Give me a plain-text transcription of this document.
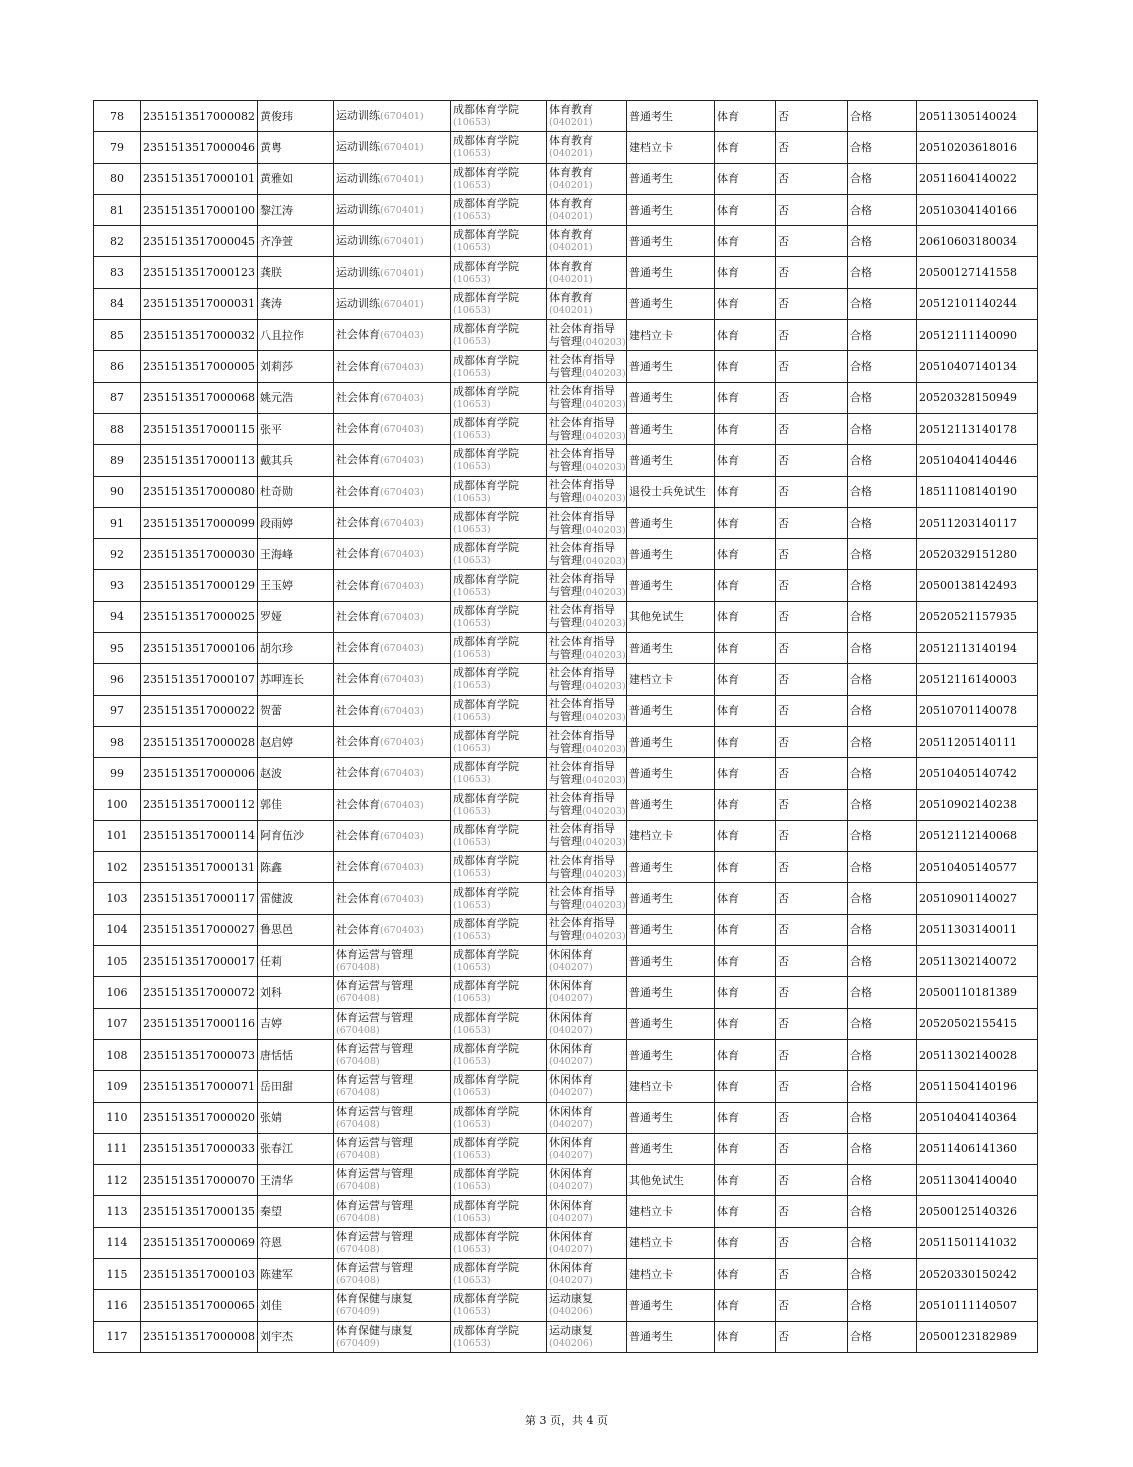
78	2351513517000082	黄俊玮	运动训练(670401)	成都体育学院
(10653)	体育教育
(040201)	普通考生	体育	否	合格	20511305140024
79	2351513517000046	黄粤	运动训练(670401)	成都体育学院
(10653)	体育教育
(040201)	建档立卡	体育	否	合格	20510203618016
80	2351513517000101	黄雅如	运动训练(670401)	成都体育学院
(10653)	体育教育
(040201)	普通考生	体育	否	合格	20511604140022
81	2351513517000100	黎江涛	运动训练(670401)	成都体育学院
(10653)	体育教育
(040201)	普通考生	体育	否	合格	20510304140166
82	2351513517000045	齐净萱	运动训练(670401)	成都体育学院
(10653)	体育教育
(040201)	普通考生	体育	否	合格	20610603180034
83	2351513517000123	龚朕	运动训练(670401)	成都体育学院
(10653)	体育教育
(040201)	普通考生	体育	否	合格	20500127141558
84	2351513517000031	龚涛	运动训练(670401)	成都体育学院
(10653)	体育教育
(040201)	普通考生	体育	否	合格	20512101140244
85	2351513517000032	八且拉作	社会体育(670403)	成都体育学院
(10653)	社会体育指导
与管理(040203)	建档立卡	体育	否	合格	20512111140090
86	2351513517000005	刘莉莎	社会体育(670403)	成都体育学院
(10653)	社会体育指导
与管理(040203)	普通考生	体育	否	合格	20510407140134
87	2351513517000068	姚元浩	社会体育(670403)	成都体育学院
(10653)	社会体育指导
与管理(040203)	普通考生	体育	否	合格	20520328150949
88	2351513517000115	张平	社会体育(670403)	成都体育学院
(10653)	社会体育指导
与管理(040203)	普通考生	体育	否	合格	20512113140178
89	2351513517000113	戴其兵	社会体育(670403)	成都体育学院
(10653)	社会体育指导
与管理(040203)	普通考生	体育	否	合格	20510404140446
90	2351513517000080	杜奇勋	社会体育(670403)	成都体育学院
(10653)	社会体育指导
与管理(040203)	退役士兵免试生	体育	否	合格	18511108140190
91	2351513517000099	段雨婷	社会体育(670403)	成都体育学院
(10653)	社会体育指导
与管理(040203)	普通考生	体育	否	合格	20511203140117
92	2351513517000030	王海峰	社会体育(670403)	成都体育学院
(10653)	社会体育指导
与管理(040203)	普通考生	体育	否	合格	20520329151280
93	2351513517000129	王玉婷	社会体育(670403)	成都体育学院
(10653)	社会体育指导
与管理(040203)	普通考生	体育	否	合格	20500138142493
94	2351513517000025	罗娅	社会体育(670403)	成都体育学院
(10653)	社会体育指导
与管理(040203)	其他免试生	体育	否	合格	20520521157935
95	2351513517000106	胡尔珍	社会体育(670403)	成都体育学院
(10653)	社会体育指导
与管理(040203)	普通考生	体育	否	合格	20512113140194
96	2351513517000107	苏呷连长	社会体育(670403)	成都体育学院
(10653)	社会体育指导
与管理(040203)	建档立卡	体育	否	合格	20512116140003
97	2351513517000022	贺蕾	社会体育(670403)	成都体育学院
(10653)	社会体育指导
与管理(040203)	普通考生	体育	否	合格	20510701140078
98	2351513517000028	赵启婷	社会体育(670403)	成都体育学院
(10653)	社会体育指导
与管理(040203)	普通考生	体育	否	合格	20511205140111
99	2351513517000006	赵波	社会体育(670403)	成都体育学院
(10653)	社会体育指导
与管理(040203)	普通考生	体育	否	合格	20510405140742
100	2351513517000112	郭佳	社会体育(670403)	成都体育学院
(10653)	社会体育指导
与管理(040203)	普通考生	体育	否	合格	20510902140238
101	2351513517000114	阿育伍沙	社会体育(670403)	成都体育学院
(10653)	社会体育指导
与管理(040203)	建档立卡	体育	否	合格	20512112140068
102	2351513517000131	陈鑫	社会体育(670403)	成都体育学院
(10653)	社会体育指导
与管理(040203)	普通考生	体育	否	合格	20510405140577
103	2351513517000117	雷健波	社会体育(670403)	成都体育学院
(10653)	社会体育指导
与管理(040203)	普通考生	体育	否	合格	20510901140027
104	2351513517000027	鲁思邑	社会体育(670403)	成都体育学院
(10653)	社会体育指导
与管理(040203)	普通考生	体育	否	合格	20511303140011
105	2351513517000017	任莉	体育运营与管理
(670408)	成都体育学院
(10653)	休闲体育
(040207)	普通考生	体育	否	合格	20511302140072
106	2351513517000072	刘科	体育运营与管理
(670408)	成都体育学院
(10653)	休闲体育
(040207)	普通考生	体育	否	合格	20500110181389
107	2351513517000116	吉婷	体育运营与管理
(670408)	成都体育学院
(10653)	休闲体育
(040207)	普通考生	体育	否	合格	20520502155415
108	2351513517000073	唐恬恬	体育运营与管理
(670408)	成都体育学院
(10653)	休闲体育
(040207)	普通考生	体育	否	合格	20511302140028
109	2351513517000071	岳田甜	体育运营与管理
(670408)	成都体育学院
(10653)	休闲体育
(040207)	建档立卡	体育	否	合格	20511504140196
110	2351513517000020	张婧	体育运营与管理
(670408)	成都体育学院
(10653)	休闲体育
(040207)	普通考生	体育	否	合格	20510404140364
111	2351513517000033	张春江	体育运营与管理
(670408)	成都体育学院
(10653)	休闲体育
(040207)	普通考生	体育	否	合格	20511406141360
112	2351513517000070	王清华	体育运营与管理
(670408)	成都体育学院
(10653)	休闲体育
(040207)	其他免试生	体育	否	合格	20511304140040
113	2351513517000135	秦望	体育运营与管理
(670408)	成都体育学院
(10653)	休闲体育
(040207)	建档立卡	体育	否	合格	20500125140326
114	2351513517000069	符恩	体育运营与管理
(670408)	成都体育学院
(10653)	休闲体育
(040207)	建档立卡	体育	否	合格	20511501141032
115	2351513517000103	陈建军	体育运营与管理
(670408)	成都体育学院
(10653)	休闲体育
(040207)	建档立卡	体育	否	合格	20520330150242
116	2351513517000065	刘佳	体育保健与康复
(670409)	成都体育学院
(10653)	运动康复
(040206)	普通考生	体育	否	合格	20510111140507
117	2351513517000008	刘宇杰	体育保健与康复
(670409)	成都体育学院
(10653)	运动康复
(040206)	普通考生	体育	否	合格	20500123182989
第 3 页，共 4 页
